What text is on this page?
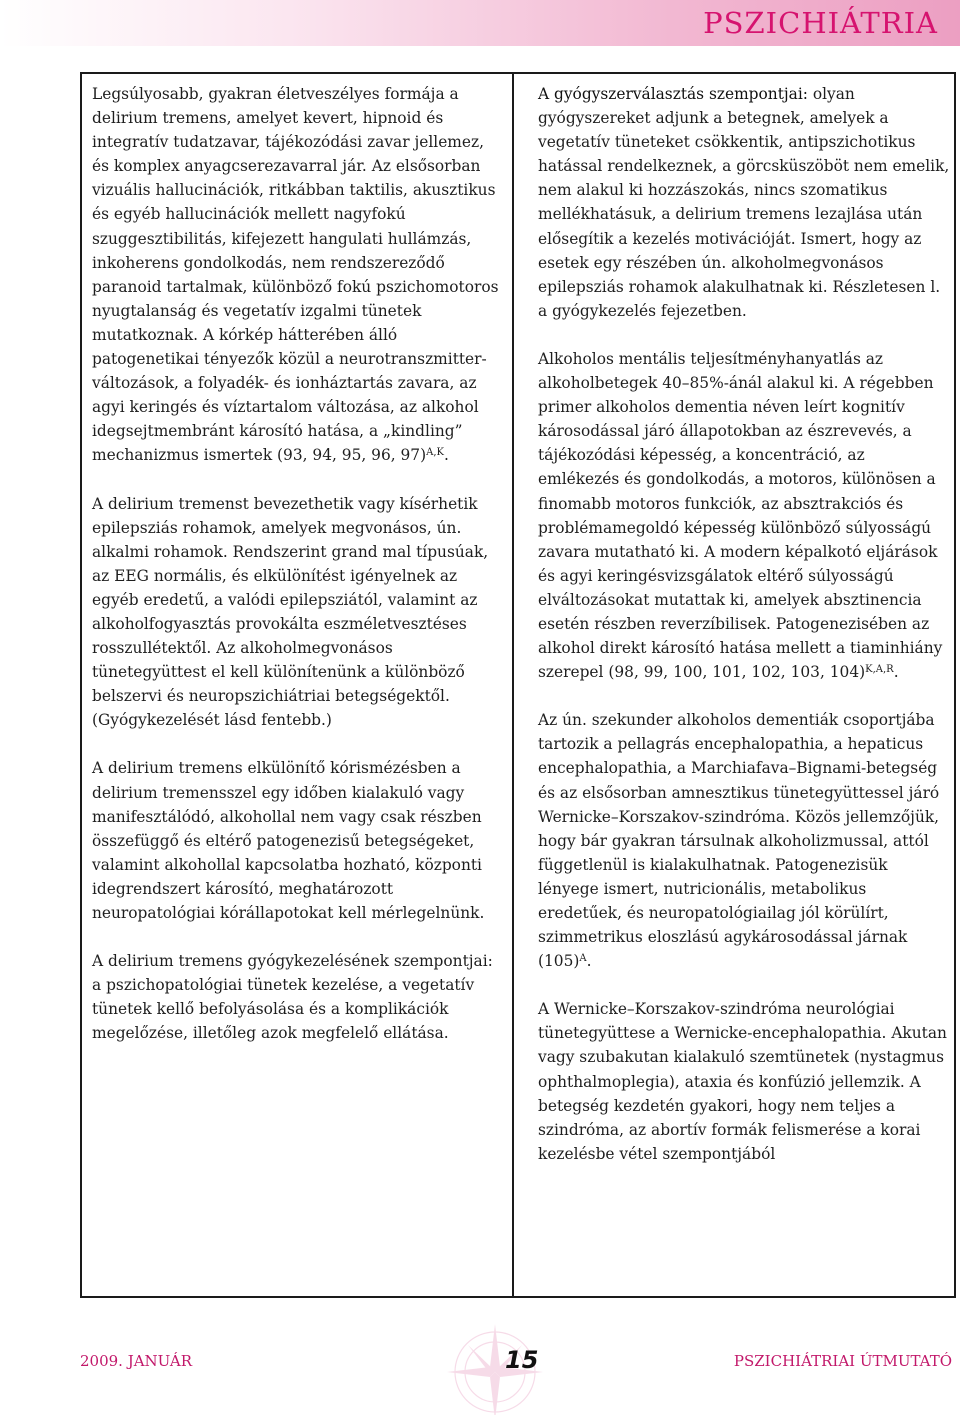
PSZICHIÁTRIA

Legsúlyosabb, gyakran életveszélyes formája a delirium tremens, amelyet kevert, hipnoid és integratív tudatzavar, tájékozódási zavar jellemez, és komplex anyagcserezavarral jár. Az elsősorban vizuális hallucinációk, ritkábban taktilis, akusztikus és egyéb hallucinációk mellett nagyfokú szuggesztibilitás, kifejezett hangulati hullámzás, inkoherens gondolkodás, nem rendszereződő paranoid tartalmak, különböző fokú pszichomotoros nyugtalanság és vegetatív izgalmi tünetek mutatkoznak. A kórkép hátterében álló patogenetikai tényezők közül a neurotranszmitter-változások, a folyadék- és ionháztartás zavara, az agyi keringés és víztartalom változása, az alkohol idegsejtmembránt károsító hatása, a „kindling” mechanizmus ismertek (93, 94, 95, 96, 97)$^{A,K}$.

A delirium tremenst bevezethetik vagy kísérhetik epilepsziás rohamok, amelyek megvonásos, ún. alkalmi rohamok. Rendszerint grand mal típusúak, az EEG normális, és elkülönítést igényelnek az egyéb eredetű, a valódi epilepsziától, valamint az alkoholfogyasztás provokálta eszméletvesztéses rosszullétektől. Az alkoholmegvonásos tünetegyüttest el kell különítenünk a különböző belszervi és neuropszichiátriai betegségektől. (Gyógykezelését lásd fentebb.)

A delirium tremens elkülönítő kórismézésben a delirium tremensszel egy időben kialakuló vagy manifesztálódó, alkohollal nem vagy csak részben összefüggő és eltérő patogenezisű betegségeket, valamint alkohollal kapcsolatba hozható, központi idegrendszert károsító, meghatározott neuropatológiai kórállapotokat kell mérlegelnünk.

A delirium tremens gyógykezelésének szempontjai: a pszichopatológiai tünetek kezelése, a vegetatív tünetek kellő befolyásolása és a komplikációk megelőzése, illetőleg azok megfelelő ellátása.

A gyógyszerválasztás szempontjai: olyan gyógyszereket adjunk a betegnek, amelyek a vegetatív tüneteket csökkentik, antipszichotikus hatással rendelkeznek, a görcsküszöböt nem emelik, nem alakul ki hozzászokás, nincs szomatikus mellékhatásuk, a delirium tremens lezajlása után elősegítik a kezelés motivációját. Ismert, hogy az esetek egy részében ún. alkoholmegvonásos epilepsziás rohamok alakulhatnak ki. Részletesen l. a gyógykezelés fejezetben.

Alkoholos mentális teljesítményhanyatlás az alkoholbetegek 40–85%-ánál alakul ki. A régebben primer alkoholos dementia néven leírt kognitív károsodással járó állapotokban az észrevevés, a tájékozódási képesség, a koncentráció, az emlékezés és gondolkodás, a motoros, különösen a finomabb motoros funkciók, az absztrakciós és problémamegoldó képesség különböző súlyosságú zavara mutatható ki. A modern képalkotó eljárások és agyi keringésvizsgálatok eltérő súlyosságú elváltozásokat mutattak ki, amelyek absztinencia esetén részben reverzíbilisek. Patogenezisében az alkohol direkt károsító hatása mellett a tiaminhiány szerepel (98, 99, 100, 101, 102, 103, 104)$^{K,A,R}$.

Az ún. szekunder alkoholos dementiák csoportjába tartozik a pellagrás encephalopathia, a hepaticus encephalopathia, a Marchiafava–Bignami-betegség és az elsősorban amnesztikus tünetegyüttessel járó Wernicke–Korszakov-szindróma. Közös jellemzőjük, hogy bár gyakran társulnak alkoholizmussal, attól függetlenül is kialakulhatnak. Patogenezisük lényege ismert, nutricionális, metabolikus eredetűek, és neuropatológiailag jól körülírt, szimmetrikus eloszlású agykárosodással járnak $(105)^A$.

A Wernicke–Korszakov-szindróma neurológiai tünetegyüttese a Wernicke-encephalopathia. Akutan vagy szubakutan kialakuló szemtünetek (nystagmus ophthalmoplegia), ataxia és konfúzió jellemzik. A betegség kezdetén gyakori, hogy nem teljes a szindróma, az abortív formák felismerése a korai kezelésbe vétel szempontjából

2009. JANUÁR	15	PSZICHIÁTRIAI ÚTMUTATÓ
